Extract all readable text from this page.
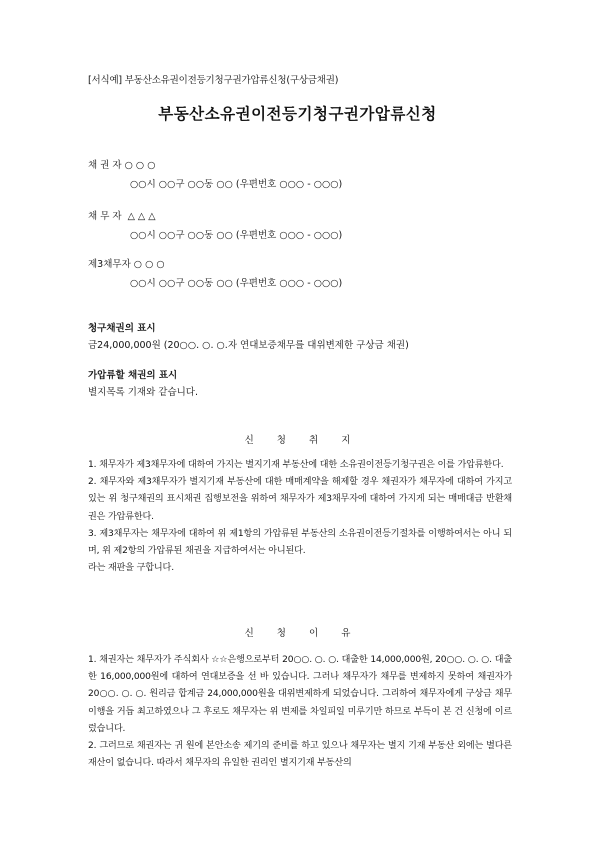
[서식예] 부동산소유권이전등기청구권가압류신청(구상금채권)
부동산소유권이전등기청구권가압류신청
채 권 자 ○ ○ ○
○○시 ○○구 ○○동 ○○ (우편번호 ○○○ - ○○○)
채 무 자  △ △ △
○○시 ○○구 ○○동 ○○ (우편번호 ○○○ - ○○○)
제3채무자 ○ ○ ○
○○시 ○○구 ○○동 ○○ (우편번호 ○○○ - ○○○)
청구채권의 표시
금24,000,000원 (20○○. ○. ○.자 연대보증채무를 대위변제한 구상금 채권)
가압류할 채권의 표시
별지목록 기재와 같습니다.
신 청 취 지

1. 채무자가 제3채무자에 대하여 가지는 별지기재 부동산에 대한 소유권이전등기청구권은 이를 가압류한다.

2. 채무자와 제3채무자가 별지기재 부동산에 대한 매매계약을 해제할 경우 채권자가 채무자에 대하여 가지고 있는 위 청구채권의 표시채권 집행보전을 위하여 채무자가 제3채무자에 대하여 가지게 되는 매매대금 반환채권은 가압류한다.

3. 제3채무자는 채무자에 대하여 위 제1항의 가압류된 부동산의 소유권이전등기절차를 이행하여서는 아니 되며, 위 제2항의 가압류된 채권을 지급하여서는 아니된다.

라는 재판을 구합니다.

신 청 이 유

1. 채권자는 채무자가 주식회사 ☆☆은행으로부터 20○○. ○. ○. 대출한 14,000,000원, 20○○. ○. ○. 대출한 16,000,000원에 대하여 연대보증을 선 바 있습니다. 그러나 채무자가 채무를 변제하지 못하여 채권자가 20○○. ○. ○. 원리금 합계금 24,000,000원을 대위변제하게 되었습니다. 그리하여 채무자에게 구상금 채무이행을 거듭 최고하였으나 그 후로도 채무자는 위 변제를 차일피일 미루기만 하므로 부득이 본 건 신청에 이르렀습니다.

2. 그러므로 채권자는 귀 원에 본안소송 제기의 준비를 하고 있으나 채무자는 별지 기재 부동산 외에는 별다른 재산이 없습니다. 따라서 채무자의 유일한 권리인 별지기재 부동산의
